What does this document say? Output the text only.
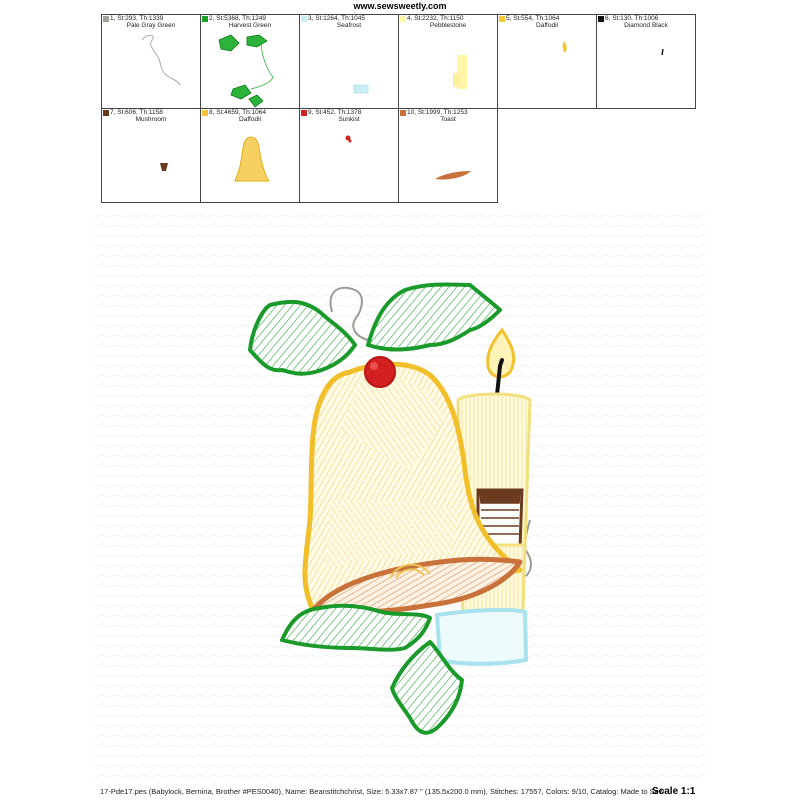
www.sewsweetly.com
1, St:293, Th:1339
Pale Gray Green
2, St:5368, Th:1249
Harvest Green
3, St:1264, Th:1045
Seafrost
4, St:2232, Th:1150
Pebblestone
5, St:554, Th:1064
Daffodil
6, St:130, Th:1006
Diamond Black
7, St:606, Th:1158
Mushroom
8, St:4659, Th:1064
Daffodil
9, St:452, Th:1378
Sunkist
10, St:1999, Th:1253
Toast
17-Pde17.pes (Babylock, Bernina, Brother #PES0040), Name: Beanstitchchrist, Size: 5.33x7.87 " (135.5x200.0 mm), Stitches: 17557, Colors: 9/10, Catalog: Made to Sew
Scale 1:1
